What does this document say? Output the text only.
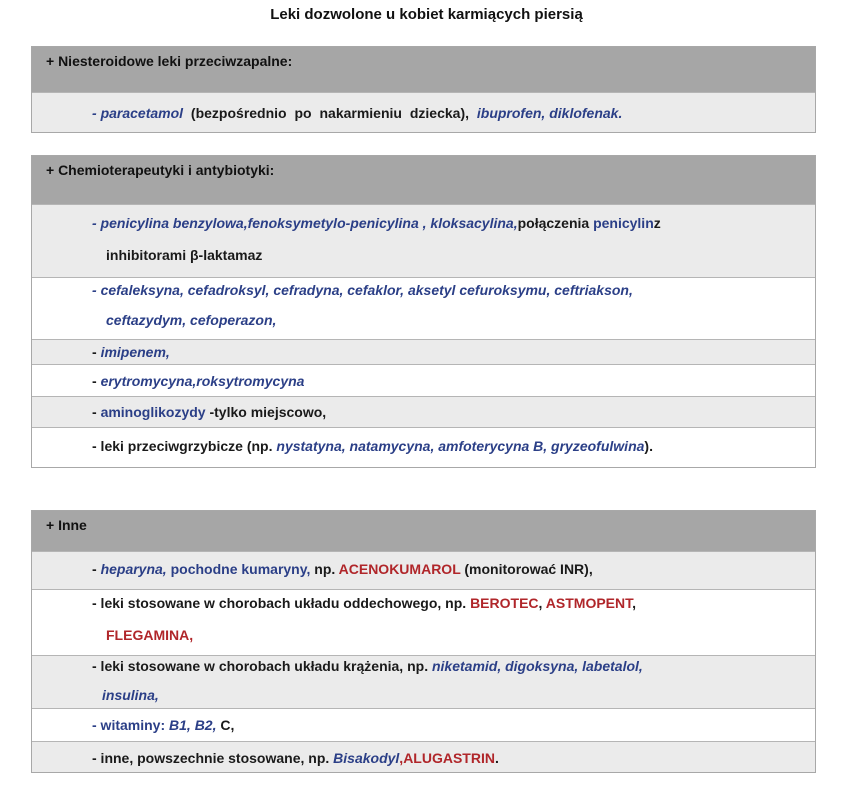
Leki dozwolone u kobiet karmiących piersią
+ Niesteroidowe leki przeciwzapalne:
- paracetamol (bezpośrednio po nakarmieniu dziecka), ibuprofen, diklofenak.
+ Chemioterapeutyki i antybiotyki:
- penicylina benzylowa,fenoksymetylo-penicylina , kloksacylina,połączenia penicylinz
inhibitorami β-laktamaz
- cefaleksyna, cefadroksyl, cefradyna, cefaklor, aksetyl cefuroksymu, ceftriakson,
ceftazydym, cefoperazon,
- imipenem,
- erytromycyna,roksytromycyna
- aminoglikozydy -tylko miejscowo,
- leki przeciwgrzybicze (np. nystatyna, natamycyna, amfoterycyna B, gryzeofulwina).
+ Inne
- heparyna, pochodne kumaryny, np. ACENOKUMAROL (monitorować INR),
- leki stosowane w chorobach układu oddechowego, np. BEROTEC, ASTMOPENT,
FLEGAMINA,
- leki stosowane w chorobach układu krążenia, np. niketamid, digoksyna, labetalol,
insulina,
- witaminy: B1, B2, C,
- inne, powszechnie stosowane, np. Bisakodyl,ALUGASTRIN.
